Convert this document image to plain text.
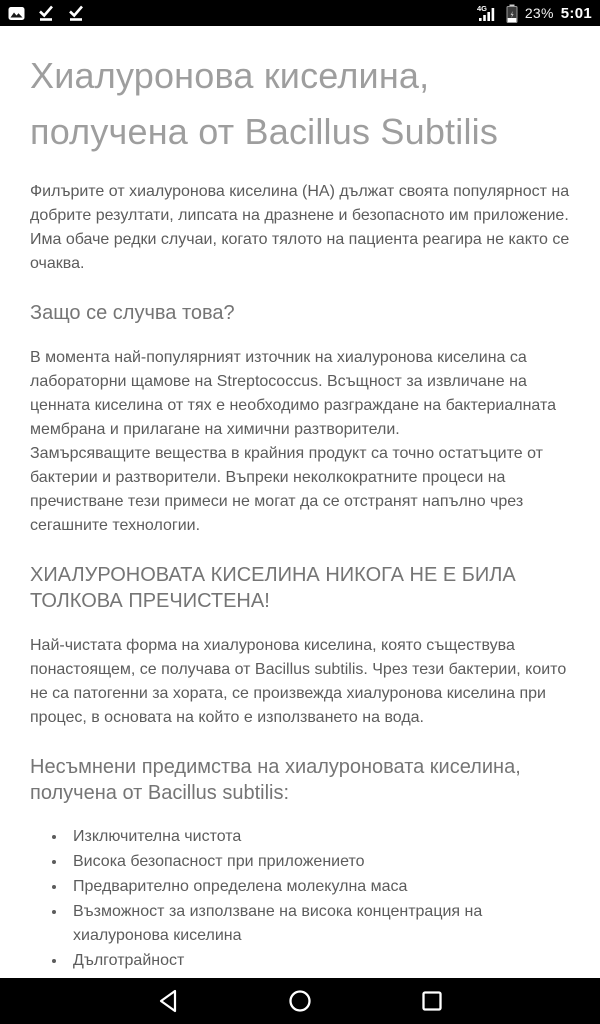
4G	23% 5:01
Хиалуронова киселина,
получена от Bacillus Subtilis

Филърите от хиалуронова киселина (HA) дължат своята популярност на добрите резултати, липсата на дразнене и безопасното им приложение. Има обаче редки случаи, когато тялото на пациента реагира не както се очаква.

Защо се случва това?

В момента най-популярният източник на хиалуронова киселина са лабораторни щамове на Streptococcus. Всъщност за извличане на ценната киселина от тях е необходимо разграждане на бактериалната мембрана и прилагане на химични разтворители.

Замърсяващите вещества в крайния продукт са точно остатъците от бактерии и разтворители. Въпреки неколкократните процеси на пречистване тези примеси не могат да се отстранят напълно чрез сегашните технологии.

ХИАЛУРОНОВАТА КИСЕЛИНА НИКОГА НЕ Е БИЛА ТОЛКОВА ПРЕЧИСТЕНА!

Най-чистата форма на хиалуронова киселина, която съществува понастоящем, се получава от Bacillus subtilis. Чрез тези бактерии, които не са патогенни за хората, се произвежда хиалуронова киселина при процес, в основата на който е използването на вода.

Несъмнени предимства на хиалуроновата киселина, получена от Bacillus subtilis:
• Изключителна чистота
• Висока безопасност при приложението
• Предварително определена молекулна маса
• Възможност за използване на висока концентрация на хиалуронова киселина
• Дълготрайност
